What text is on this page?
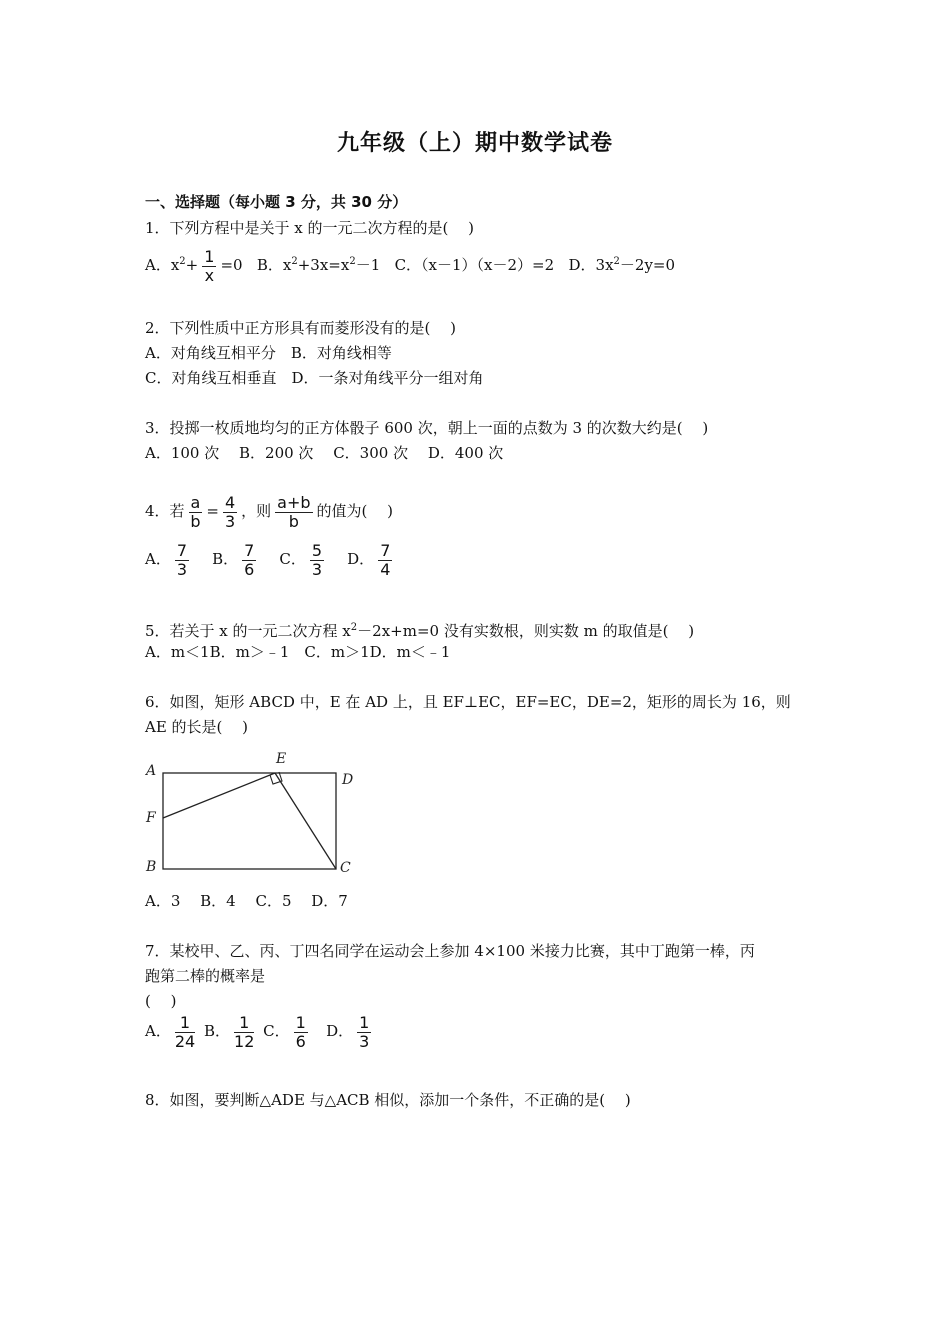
九年级（上）期中数学试卷
一、选择题（每小题 3 分，共 30 分）
1．下列方程中是关于 x 的一元二次方程的是(　 )
A．$x^2+ \frac{1}{x} =0$ B．$x^2+3x=x^2-1$ C．（x－1）（x－2）=2 D．$3x^2-2y=0$
2．下列性质中正方形具有而菱形没有的是(　 )
A．对角线互相平分　B．对角线相等
C．对角线互相垂直　D．一条对角线平分一组对角
3．投掷一枚质地均匀的正方体骰子 600 次，朝上一面的点数为 3 的次数大约是(　 )
A．100 次　 B．200 次　 C．300 次　 D．400 次
4．若 $\frac{a}{b} = \frac{4}{3}$ ，则 $\frac{a+b}{b}$ 的值为(　 )
A． $\frac{7}{3}$ B． $\frac{7}{6}$ C． $\frac{5}{3}$ D． $\frac{7}{4}$
5．若关于 x 的一元二次方程 $x^2-2x+m=0$ 没有实数根，则实数 m 的取值是(　 )
A．m＜1B．m＞﹣1　C．m＞1D．m＜﹣1
6．如图，矩形 ABCD 中，E 在 AD 上，且 EF⊥EC，EF=EC，DE=2，矩形的周长为 16，则
AE 的长是(　 )
A
B	C
D
E
F
A．3　 B．4　 C．5　 D．7
7．某校甲、乙、丙、丁四名同学在运动会上参加 4×100 米接力比赛，其中丁跑第一棒，丙
跑第二棒的概率是
(　 )
A． $\frac{1}{24}$ B． $\frac{1}{12}$ C． $\frac{1}{6}$ D． $\frac{1}{3}$
8．如图，要判断△ADE 与△ACB 相似，添加一个条件，不正确的是(　 )
